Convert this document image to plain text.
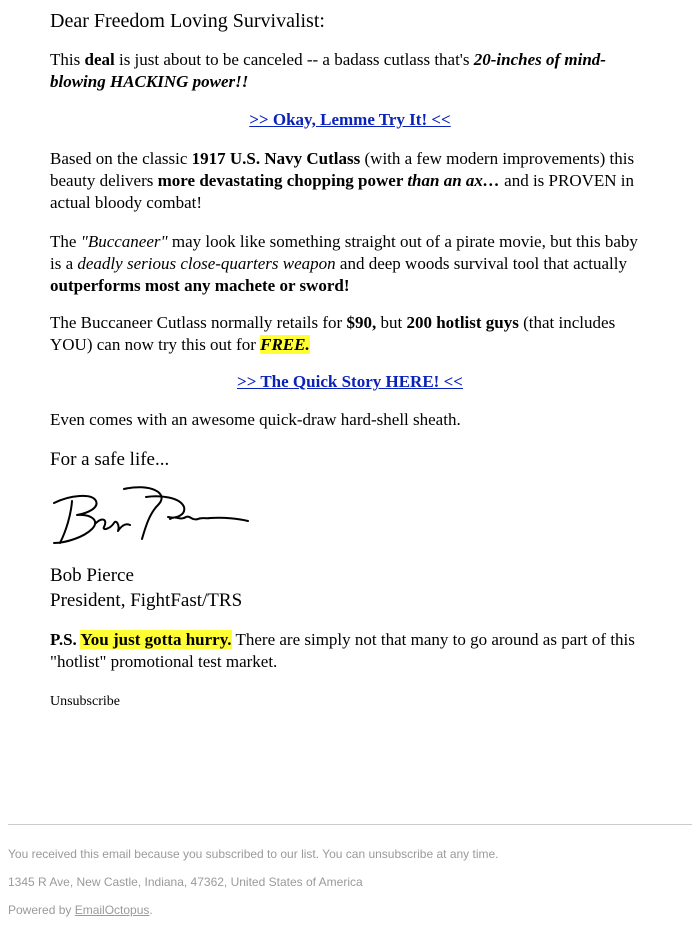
Dear Freedom Loving Survivalist:

This deal is just about to be canceled -- a badass cutlass that's 20-inches of mind-blowing HACKING power!!

>> Okay, Lemme Try It! <<

Based on the classic 1917 U.S. Navy Cutlass (with a few modern improvements) this beauty delivers more devastating chopping power than an ax… and is PROVEN in actual bloody combat!

The "Buccaneer" may look like something straight out of a pirate movie, but this baby is a deadly serious close-quarters weapon and deep woods survival tool that actually outperforms most any machete or sword!

The Buccaneer Cutlass normally retails for $90, but 200 hotlist guys (that includes YOU) can now try this out for FREE.

>> The Quick Story HERE! <<

Even comes with an awesome quick-draw hard-shell sheath.

For a safe life...

Bob Pierce

President, FightFast/TRS

P.S. You just gotta hurry. There are simply not that many to go around as part of this "hotlist" promotional test market.

Unsubscribe

You received this email because you subscribed to our list. You can unsubscribe at any time.

1345 R Ave, New Castle, Indiana, 47362, United States of America

Powered by EmailOctopus.
